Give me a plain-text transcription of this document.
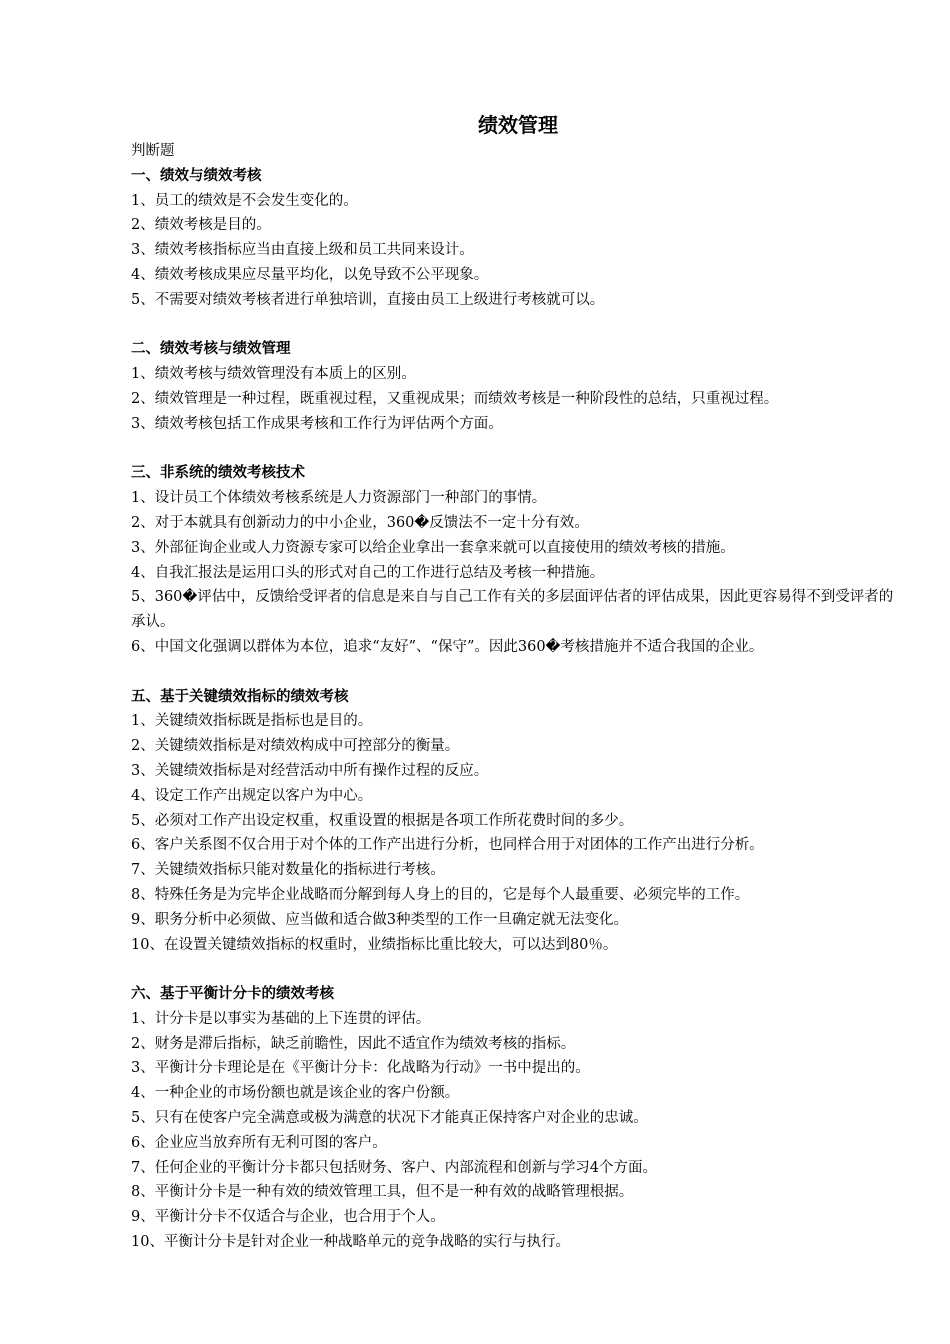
绩效管理
判断题
一、绩效与绩效考核
1、员工的绩效是不会发生变化的。
2、绩效考核是目的。
3、绩效考核指标应当由直接上级和员工共同来设计。
4、绩效考核成果应尽量平均化，以免导致不公平现象。
5、不需要对绩效考核者进行单独培训，直接由员工上级进行考核就可以。
二、绩效考核与绩效管理
1、绩效考核与绩效管理没有本质上的区别。
2、绩效管理是一种过程，既重视过程，又重视成果；而绩效考核是一种阶段性的总结，只重视过程。
3、绩效考核包括工作成果考核和工作行为评估两个方面。
三、非系统的绩效考核技术
1、设计员工个体绩效考核系统是人力资源部门一种部门的事情。
2、对于本就具有创新动力的中小企业，360�反馈法不一定十分有效。
3、外部征询企业或人力资源专家可以给企业拿出一套拿来就可以直接使用的绩效考核的措施。
4、自我汇报法是运用口头的形式对自己的工作进行总结及考核一种措施。
5、360�评估中，反馈给受评者的信息是来自与自己工作有关的多层面评估者的评估成果，因此更容易得不到受评者的承认。
6、中国文化强调以群体为本位，追求“友好”、“保守”。因此360�考核措施并不适合我国的企业。
五、基于关键绩效指标的绩效考核
1、关键绩效指标既是指标也是目的。
2、关键绩效指标是对绩效构成中可控部分的衡量。
3、关键绩效指标是对经营活动中所有操作过程的反应。
4、设定工作产出规定以客户为中心。
5、必须对工作产出设定权重，权重设置的根据是各项工作所花费时间的多少。
6、客户关系图不仅合用于对个体的工作产出进行分析，也同样合用于对团体的工作产出进行分析。
7、关键绩效指标只能对数量化的指标进行考核。
8、特殊任务是为完毕企业战略而分解到每人身上的目的，它是每个人最重要、必须完毕的工作。
9、职务分析中必须做、应当做和适合做3种类型的工作一旦确定就无法变化。
10、在设置关键绩效指标的权重时，业绩指标比重比较大，可以达到80％。
六、基于平衡计分卡的绩效考核
1、计分卡是以事实为基础的上下连贯的评估。
2、财务是滞后指标，缺乏前瞻性，因此不适宜作为绩效考核的指标。
3、平衡计分卡理论是在《平衡计分卡：化战略为行动》一书中提出的。
4、一种企业的市场份额也就是该企业的客户份额。
5、只有在使客户完全满意或极为满意的状况下才能真正保持客户对企业的忠诚。
6、企业应当放弃所有无利可图的客户。
7、任何企业的平衡计分卡都只包括财务、客户、内部流程和创新与学习4个方面。
8、平衡计分卡是一种有效的绩效管理工具，但不是一种有效的战略管理根据。
9、平衡计分卡不仅适合与企业，也合用于个人。
10、平衡计分卡是针对企业一种战略单元的竞争战略的实行与执行。
